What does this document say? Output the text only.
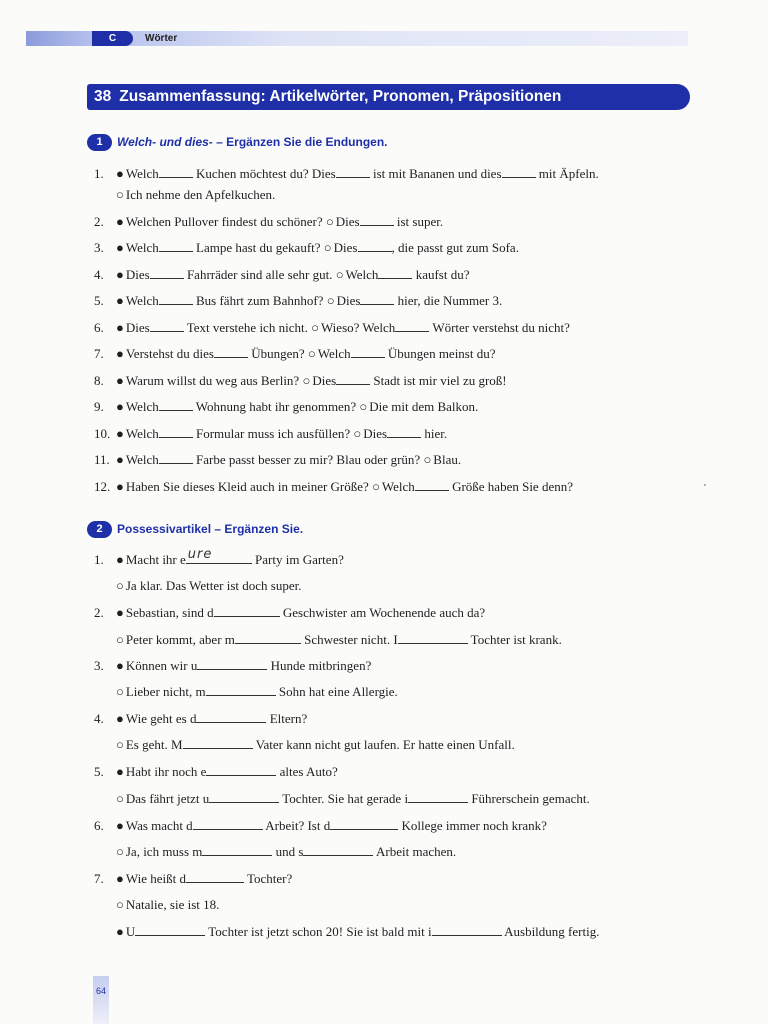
C	Wörter
38 Zusammenfassung: Artikelwörter, Pronomen, Präpositionen
1 Welch- und dies- – Ergänzen Sie die Endungen.
1. ● Welch	Kuchen möchtest du? Dies	ist mit Bananen und dies	mit Äpfeln.
○ Ich nehme den Apfelkuchen.
2. ● Welchen Pullover findest du schöner? ○ Dies	ist super.
3. ● Welch	Lampe hast du gekauft? ○ Dies	, die passt gut zum Sofa.
4. ● Dies	Fahrräder sind alle sehr gut. ○ Welch	kaufst du?
5. ● Welch	Bus fährt zum Bahnhof? ○ Dies	hier, die Nummer 3.
6. ● Dies	Text verstehe ich nicht. ○ Wieso? Welch	Wörter verstehst du nicht?
7. ● Verstehst du dies	Übungen? ○ Welch	Übungen meinst du?
8. ● Warum willst du weg aus Berlin? ○ Dies	Stadt ist mir viel zu groß!
9. ● Welch	Wohnung habt ihr genommen? ○ Die mit dem Balkon.
10. ● Welch	Formular muss ich ausfüllen? ○ Dies	hier.
11. ● Welch	Farbe passt besser zu mir? Blau oder grün? ○ Blau.
12. ● Haben Sie dieses Kleid auch in meiner Größe? ○ Welch	Größe haben Sie denn?
2 Possessivartikel – Ergänzen Sie.
1. ● Macht ihr e ure	Party im Garten?
○ Ja klar. Das Wetter ist doch super.
2. ● Sebastian, sind d	Geschwister am Wochenende auch da?
○ Peter kommt, aber m	Schwester nicht. I	Tochter ist krank.
3. ● Können wir u	Hunde mitbringen?
○ Lieber nicht, m	Sohn hat eine Allergie.
4. ● Wie geht es d	Eltern?
○ Es geht. M	Vater kann nicht gut laufen. Er hatte einen Unfall.
5. ● Habt ihr noch e	altes Auto?
○ Das fährt jetzt u	Tochter. Sie hat gerade i	Führerschein gemacht.
6. ● Was macht d	Arbeit? Ist d	Kollege immer noch krank?
○ Ja, ich muss m	und s	Arbeit machen.
7. ● Wie heißt d	Tochter?
○ Natalie, sie ist 18.
● U	Tochter ist jetzt schon 20! Sie ist bald mit i	Ausbildung fertig.
64
